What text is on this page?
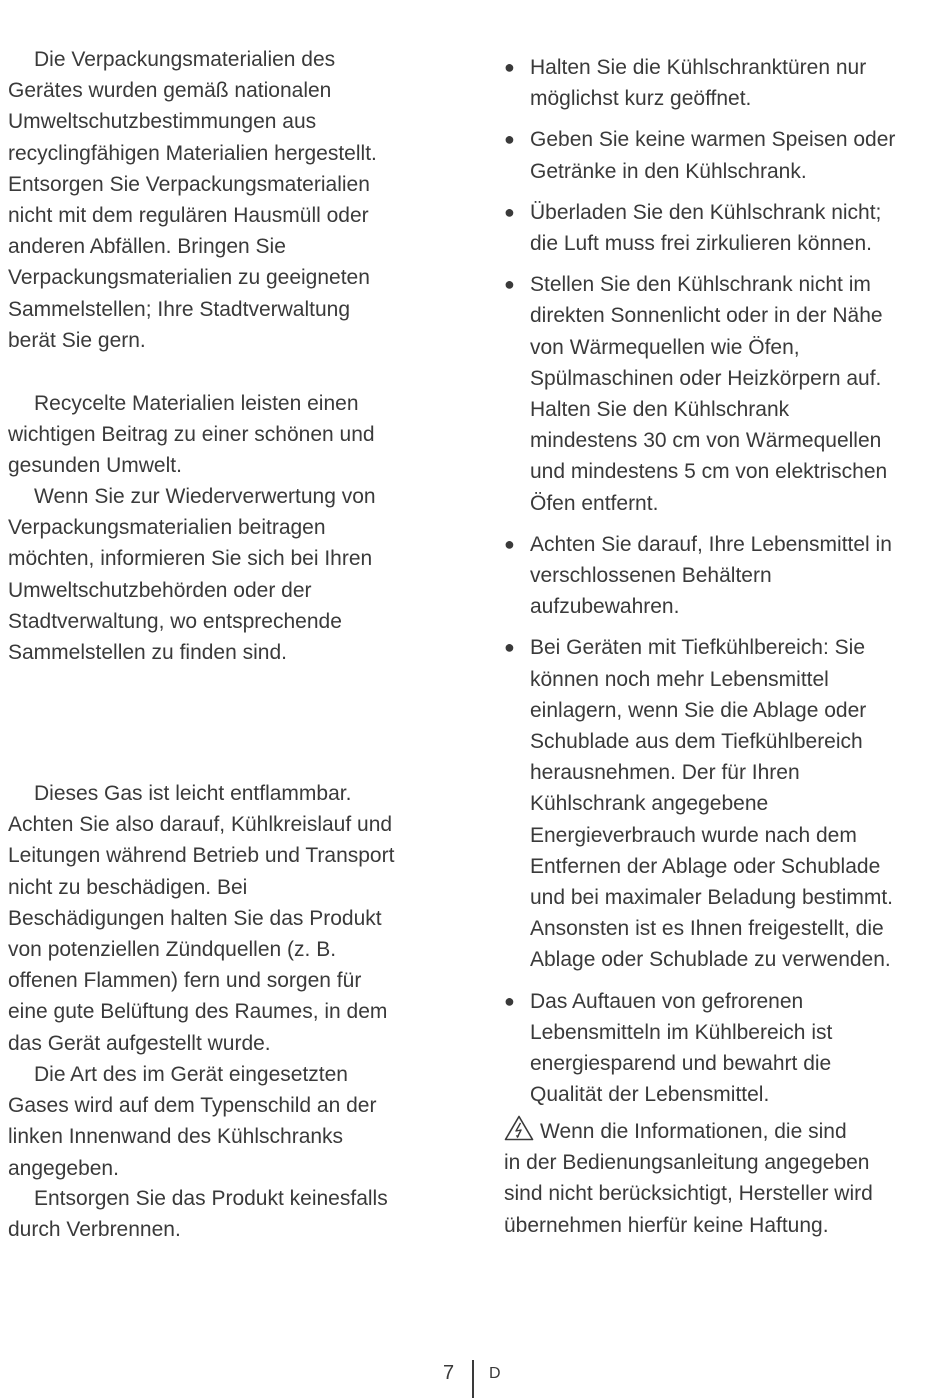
Die Verpackungsmaterialien des
Gerätes wurden gemäß nationalen
Umweltschutzbestimmungen aus
recyclingfähigen Materialien hergestellt.
Entsorgen Sie Verpackungsmaterialien
nicht mit dem regulären Hausmüll oder
anderen Abfällen. Bringen Sie
Verpackungsmaterialien zu geeigneten
Sammelstellen; Ihre Stadtverwaltung
berät Sie gern.

Recycelte Materialien leisten einen
wichtigen Beitrag zu einer schönen und
gesunden Umwelt.

Wenn Sie zur Wiederverwertung von
Verpackungsmaterialien beitragen
möchten, informieren Sie sich bei Ihren
Umweltschutzbehörden oder der
Stadtverwaltung, wo entsprechende
Sammelstellen zu finden sind.

Dieses Gas ist leicht entflammbar.
Achten Sie also darauf, Kühlkreislauf und
Leitungen während Betrieb und Transport
nicht zu beschädigen. Bei
Beschädigungen halten Sie das Produkt
von potenziellen Zündquellen (z. B.
offenen Flammen) fern und sorgen für
eine gute Belüftung des Raumes, in dem
das Gerät aufgestellt wurde.

Die Art des im Gerät eingesetzten
Gases wird auf dem Typenschild an der
linken Innenwand des Kühlschranks
angegeben.

Entsorgen Sie das Produkt keinesfalls
durch Verbrennen.

● Halten Sie die Kühlschranktüren nur
möglichst kurz geöffnet.
● Geben Sie keine warmen Speisen oder
Getränke in den Kühlschrank.
● Überladen Sie den Kühlschrank nicht;
die Luft muss frei zirkulieren können.
● Stellen Sie den Kühlschrank nicht im
direkten Sonnenlicht oder in der Nähe
von Wärmequellen wie Öfen,
Spülmaschinen oder Heizkörpern auf.
Halten Sie den Kühlschrank
mindestens 30 cm von Wärmequellen
und mindestens 5 cm von elektrischen
Öfen entfernt.
● Achten Sie darauf, Ihre Lebensmittel in
verschlossenen Behältern
aufzubewahren.
● Bei Geräten mit Tiefkühlbereich: Sie
können noch mehr Lebensmittel
einlagern, wenn Sie die Ablage oder
Schublade aus dem Tiefkühlbereich
herausnehmen. Der für Ihren
Kühlschrank angegebene
Energieverbrauch wurde nach dem
Entfernen der Ablage oder Schublade
und bei maximaler Beladung bestimmt.
Ansonsten ist es Ihnen freigestellt, die
Ablage oder Schublade zu verwenden.
● Das Auftauen von gefrorenen
Lebensmitteln im Kühlbereich ist
energiesparend und bewahrt die
Qualität der Lebensmittel.
Wenn die Informationen, die sind
in der Bedienungsanleitung angegeben
sind nicht berücksichtigt, Hersteller wird
übernehmen hierfür keine Haftung.
7 D
